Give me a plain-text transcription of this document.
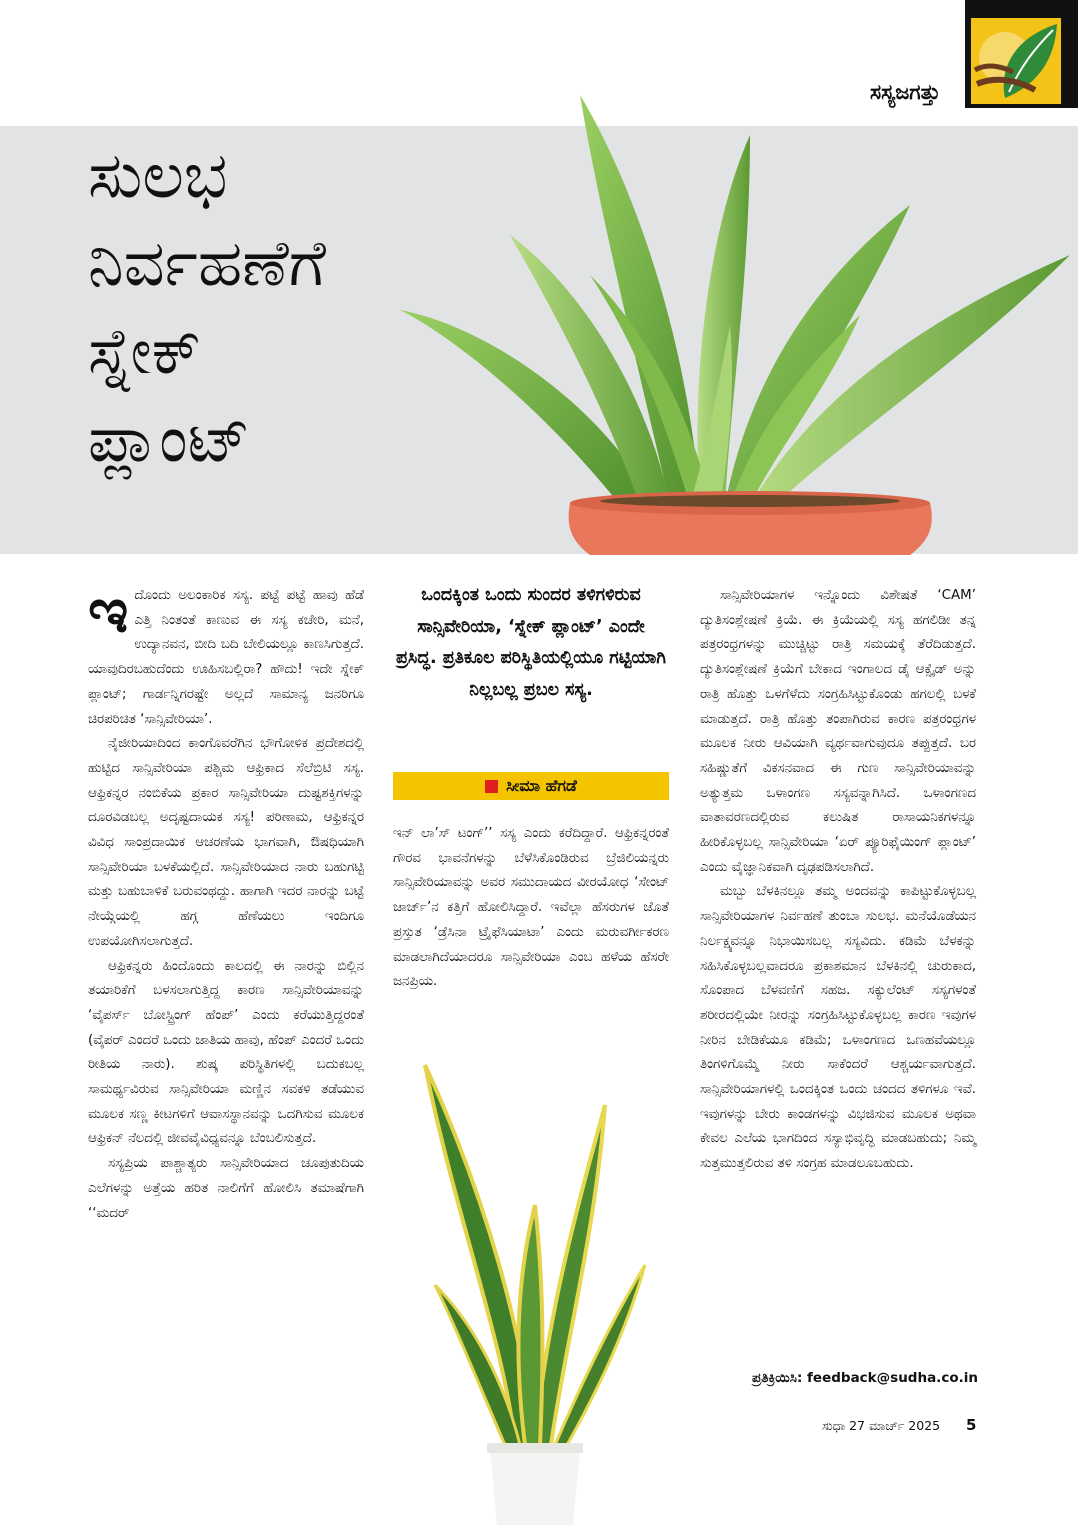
ಸಸ್ಯಜಗತ್ತು
ಸುಲಭ
ನಿರ್ವಹಣೆಗೆ
ಸ್ನೇಕ್
ಪ್ಲಾಂಟ್

ಇದೊಂದು ಅಲಂಕಾರಿಕ ಸಸ್ಯ. ಪಟ್ಟೆ ಪಟ್ಟೆ ಹಾವು ಹೆಡೆ ಎತ್ತಿ ನಿಂತಂತೆ ಕಾಣುವ ಈ ಸಸ್ಯ ಕಚೇರಿ, ಮನೆ, ಉದ್ಯಾನವನ, ಬೀದಿ ಬದಿ ಬೇಲಿಯಲ್ಲೂ ಕಾಣಸಿಗುತ್ತದೆ. ಯಾವುದಿರಬಹುದೆಂದು ಊಹಿಸಬಲ್ಲಿರಾ? ಹೌದು! ಇದೇ ಸ್ನೇಕ್ ಪ್ಲಾಂಟ್; ಗಾರ್ಡನ್ನಿಗರಷ್ಟೇ ಅಲ್ಲದೆ ಸಾಮಾನ್ಯ ಜನರಿಗೂ ಚಿರಪರಿಚಿತ ‘ಸಾನ್ಸಿವೇರಿಯಾ’.

ನೈಜೀರಿಯಾದಿಂದ ಕಾಂಗೊವರೆಗಿನ ಭೌಗೋಳಿಕ ಪ್ರದೇಶದಲ್ಲಿ ಹುಟ್ಟಿದ ಸಾನ್ಸಿವೇರಿಯಾ ಪಶ್ಚಿಮ ಆಫ್ರಿಕಾದ ಸೆಲೆಬ್ರಿಟಿ ಸಸ್ಯ. ಆಫ್ರಿಕನ್ನರ ನಂಬಿಕೆಯ ಪ್ರಕಾರ ಸಾನ್ಸಿವೇರಿಯಾ ದುಷ್ಟಶಕ್ತಿಗಳನ್ನು ದೂರವಿಡಬಲ್ಲ ಅದೃಷ್ಟದಾಯಕ ಸಸ್ಯ! ಪರಿಣಾಮ, ಆಫ್ರಿಕನ್ನರ ವಿವಿಧ ಸಾಂಪ್ರದಾಯಿಕ ಆಚರಣೆಯ ಭಾಗವಾಗಿ, ಔಷಧಿಯಾಗಿ ಸಾನ್ಸಿವೇರಿಯಾ ಬಳಕೆಯಲ್ಲಿದೆ. ಸಾನ್ಸಿವೇರಿಯಾದ ನಾರು ಬಹುಗಟ್ಟಿ ಮತ್ತು ಬಹುಬಾಳಿಕೆ ಬರುವಂಥದ್ದು. ಹಾಗಾಗಿ ಇದರ ನಾರನ್ನು ಬಟ್ಟೆ ನೇಯ್ಗೆಯಲ್ಲಿ ಹಗ್ಗ ಹೆಣೆಯಲು ಇಂದಿಗೂ ಉಪಯೋಗಿಸಲಾಗುತ್ತದೆ.

ಆಫ್ರಿಕನ್ನರು ಹಿಂದೊಂದು ಕಾಲದಲ್ಲಿ ಈ ನಾರನ್ನು ಬಿಲ್ಲಿನ ತಯಾರಿಕೆಗೆ ಬಳಸಲಾಗುತ್ತಿದ್ದ ಕಾರಣ ಸಾನ್ಸಿವೇರಿಯಾವನ್ನು ‘ವೈಪರ್ಸ್ ಬೋಸ್ಟ್ರಿಂಗ್ ಹೆಂಪ್’ ಎಂದು ಕರೆಯುತ್ತಿದ್ದರಂತೆ (ವೈಪರ್ ಎಂದರೆ ಒಂದು ಜಾತಿಯ ಹಾವು, ಹೆಂಪ್ ಎಂದರೆ ಒಂದು ರೀತಿಯ ನಾರು). ಶುಷ್ಕ ಪರಿಸ್ಥಿತಿಗಳಲ್ಲಿ ಬದುಕಬಲ್ಲ ಸಾಮರ್ಥ್ಯವಿರುವ ಸಾನ್ಸಿವೇರಿಯಾ ಮಣ್ಣಿನ ಸವಕಳಿ ತಡೆಯುವ ಮೂಲಕ ಸಣ್ಣ ಕೀಟಗಳಿಗೆ ಆವಾಸಸ್ಥಾನವನ್ನು ಒದಗಿಸುವ ಮೂಲಕ ಆಫ್ರಿಕನ್ ನೆಲದಲ್ಲಿ ಜೀವವೈವಿಧ್ಯವನ್ನೂ ಬೆಂಬಲಿಸುತ್ತದೆ.

ಸಸ್ಯಪ್ರಿಯ ಪಾಶ್ಚಾತ್ಯರು ಸಾನ್ಸಿವೇರಿಯಾದ ಚೂಪುತುದಿಯ ಎಲೆಗಳನ್ನು ಅತ್ತೆಯ ಹರಿತ ನಾಲಿಗೆಗೆ ಹೋಲಿಸಿ ತಮಾಷೆಗಾಗಿ ‘‘ಮದರ್

ಒಂದಕ್ಕಿಂತ ಒಂದು ಸುಂದರ ತಳಿಗಳಿರುವ ಸಾನ್ಸಿವೇರಿಯಾ, ‘ಸ್ನೇಕ್ ಪ್ಲಾಂಟ್’ ಎಂದೇ ಪ್ರಸಿದ್ಧ. ಪ್ರತಿಕೂಲ ಪರಿಸ್ಥಿತಿಯಲ್ಲಿಯೂ ಗಟ್ಟಿಯಾಗಿ ನಿಲ್ಲಬಲ್ಲ ಪ್ರಬಲ ಸಸ್ಯ.
ಸೀಮಾ ಹೆಗಡೆ

ಇನ್ ಲಾ’ಸ್ ಟಂಗ್’’ ಸಸ್ಯ ಎಂದು ಕರೆದಿದ್ದಾರೆ. ಆಫ್ರಿಕನ್ನರಂತೆ ಗೌರವ ಭಾವನೆಗಳನ್ನು ಬೆಳೆಸಿಕೊಂಡಿರುವ ಬ್ರೆಜಿಲಿಯನ್ನರು ಸಾನ್ಸಿವೇರಿಯಾವನ್ನು ಅವರ ಸಮುದಾಯದ ವೀರಯೋಧ ‘ಸೇಂಟ್ ಜಾರ್ಜ್’ನ ಕತ್ತಿಗೆ ಹೋಲಿಸಿದ್ದಾರೆ. ಇವೆಲ್ಲಾ ಹೆಸರುಗಳ ಜೊತೆ ಪ್ರಸ್ತುತ ‘ಡ್ರೆಸಿನಾ ಟ್ರೈಫೆಸಿಯಾಟಾ’ ಎಂದು ಮರುವರ್ಗೀಕರಣ ಮಾಡಲಾಗಿದೆಯಾದರೂ ಸಾನ್ಸಿವೇರಿಯಾ ಎಂಬ ಹಳೆಯ ಹೆಸರೇ ಜನಪ್ರಿಯ.

ಸಾನ್ಸಿವೇರಿಯಾಗಳ ಇನ್ನೊಂದು ವಿಶೇಷತೆ ‘CAM’ ದ್ಯುತಿಸಂಶ್ಲೇಷಣೆ ಕ್ರಿಯೆ. ಈ ಕ್ರಿಯೆಯಲ್ಲಿ ಸಸ್ಯ ಹಗಲಿಡೀ ತನ್ನ ಪತ್ರರಂಧ್ರಗಳನ್ನು ಮುಚ್ಚಿಟ್ಟು ರಾತ್ರಿ ಸಮಯಕ್ಕೆ ತೆರೆದಿಡುತ್ತದೆ. ದ್ಯುತಿಸಂಶ್ಲೇಷಣೆ ಕ್ರಿಯೆಗೆ ಬೇಕಾದ ಇಂಗಾಲದ ಡೈ ಆಕ್ಸೈಡ್ ಅನ್ನು ರಾತ್ರಿ ಹೊತ್ತು ಒಳಗೆಳೆದು ಸಂಗ್ರಹಿಸಿಟ್ಟುಕೊಂಡು ಹಗಲಲ್ಲಿ ಬಳಕೆ ಮಾಡುತ್ತದೆ. ರಾತ್ರಿ ಹೊತ್ತು ತಂಪಾಗಿರುವ ಕಾರಣ ಪತ್ರರಂಧ್ರಗಳ ಮೂಲಕ ನೀರು ಆವಿಯಾಗಿ ವ್ಯರ್ಥವಾಗುವುದೂ ತಪ್ಪುತ್ತದೆ. ಬರ ಸಹಿಷ್ಣುತೆಗೆ ವಿಕಸನವಾದ ಈ ಗುಣ ಸಾನ್ಸಿವೇರಿಯಾವನ್ನು ಅತ್ಯುತ್ತಮ ಒಳಾಂಗಣ ಸಸ್ಯವನ್ನಾಗಿಸಿದೆ. ಒಳಾಂಗಣದ ವಾತಾವರಣದಲ್ಲಿರುವ ಕಲುಷಿತ ರಾಸಾಯನಿಕಗಳನ್ನೂ ಹೀರಿಕೊಳ್ಳಬಲ್ಲ ಸಾನ್ಸಿವೇರಿಯಾ ‘ಏರ್ ಪ್ಯೂರಿಫೈಯಿಂಗ್ ಪ್ಲಾಂಟ್’ ಎಂದು ವೈಜ್ಞಾನಿಕವಾಗಿ ದೃಢಪಡಿಸಲಾಗಿದೆ.

ಮಬ್ಬು ಬೆಳಕಿನಲ್ಲೂ ತಮ್ಮ ಅಂದವನ್ನು ಕಾಪಿಟ್ಟುಕೊಳ್ಳಬಲ್ಲ ಸಾನ್ಸಿವೇರಿಯಾಗಳ ನಿರ್ವಹಣೆ ತುಂಬಾ ಸುಲಭ. ಮನೆಯೊಡೆಯನ ನಿರ್ಲಕ್ಷ್ಯವನ್ನೂ ನಿಭಾಯಿಸಬಲ್ಲ ಸಸ್ಯವಿದು. ಕಡಿಮೆ ಬೆಳಕನ್ನು ಸಹಿಸಿಕೊಳ್ಳಬಲ್ಲವಾದರೂ ಪ್ರಕಾಶಮಾನ ಬೆಳಕಿನಲ್ಲಿ ಚುರುಕಾದ, ಸೊಂಪಾದ ಬೆಳವಣಿಗೆ ಸಹಜ. ಸಕ್ಯುಲೆಂಟ್ ಸಸ್ಯಗಳಂತೆ ಶರೀರದಲ್ಲಿಯೇ ನೀರನ್ನು ಸಂಗ್ರಹಿಸಿಟ್ಟುಕೊಳ್ಳಬಲ್ಲ ಕಾರಣ ಇವುಗಳ ನೀರಿನ ಬೇಡಿಕೆಯೂ ಕಡಿಮೆ; ಒಳಾಂಗಣದ ಒಣಹವೆಯಲ್ಲೂ ತಿಂಗಳಿಗೊಮ್ಮೆ ನೀರು ಸಾಕೆಂದರೆ ಆಶ್ಚರ್ಯವಾಗುತ್ತದೆ. ಸಾನ್ಸಿವೇರಿಯಾಗಳಲ್ಲಿ ಒಂದಕ್ಕಿಂತ ಒಂದು ಚಂದದ ತಳಿಗಳೂ ಇವೆ. ಇವುಗಳನ್ನು ಬೇರು ಕಾಂಡಗಳನ್ನು ವಿಭಜಿಸುವ ಮೂಲಕ ಅಥವಾ ಕೇವಲ ಎಲೆಯ ಭಾಗದಿಂದ ಸಸ್ಯಾಭಿವೃದ್ಧಿ ಮಾಡಬಹುದು; ನಿಮ್ಮ ಸುತ್ತಮುತ್ತಲಿರುವ ತಳಿ ಸಂಗ್ರಹ ಮಾಡಲೂಬಹುದು.

ಪ್ರತಿಕ್ರಿಯಿಸಿ: feedback@sudha.co.in
ಸುಧಾ 27 ಮಾರ್ಚ್ 2025 5
